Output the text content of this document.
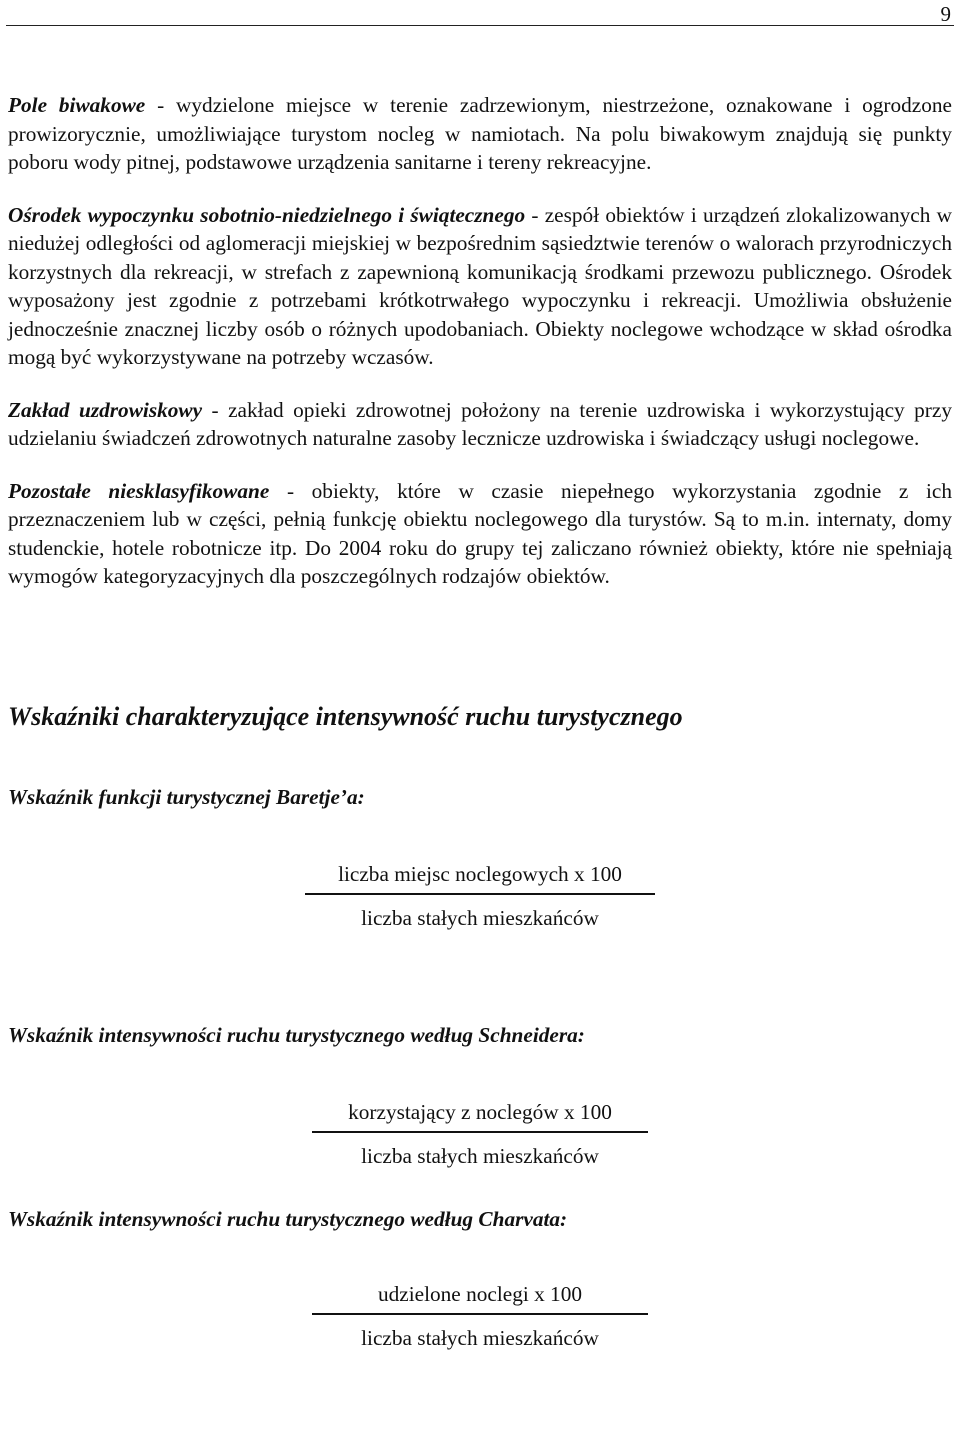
9

Pole biwakowe - wydzielone miejsce w terenie zadrzewionym, niestrzeżone, oznakowane i ogrodzone prowizorycznie, umożliwiające turystom nocleg w namiotach. Na polu biwakowym znajdują się punkty poboru wody pitnej, podstawowe urządzenia sanitarne i tereny rekreacyjne.

Ośrodek wypoczynku sobotnio-niedzielnego i świątecznego - zespół obiektów i urządzeń zlokalizowanych w niedużej odległości od aglomeracji miejskiej w bezpośrednim sąsiedztwie terenów o walorach przyrodniczych korzystnych dla rekreacji, w strefach z zapewnioną komunikacją środkami przewozu publicznego. Ośrodek wyposażony jest zgodnie z potrzebami krótkotrwałego wypoczynku i rekreacji. Umożliwia obsłużenie jednocześnie znacznej liczby osób o różnych upodobaniach. Obiekty noclegowe wchodzące w skład ośrodka mogą być wykorzystywane na potrzeby wczasów.

Zakład uzdrowiskowy - zakład opieki zdrowotnej położony na terenie uzdrowiska i wykorzystujący przy udzielaniu świadczeń zdrowotnych naturalne zasoby lecznicze uzdrowiska i świadczący usługi noclegowe.

Pozostałe niesklasyfikowane - obiekty, które w czasie niepełnego wykorzystania zgodnie z ich przeznaczeniem lub w części, pełnią funkcję obiektu noclegowego dla turystów. Są to m.in. internaty, domy studenckie, hotele robotnicze itp. Do 2004 roku do grupy tej zaliczano również obiekty, które nie spełniają wymogów kategoryzacyjnych dla poszczególnych rodzajów obiektów.

Wskaźniki charakteryzujące intensywność ruchu turystycznego
Wskaźnik funkcji turystycznej Baretje’a:
$\frac{\text{liczba miejsc noclegowych x 100}}{\text{liczba stałych mieszkańców}}$
Wskaźnik intensywności ruchu turystycznego według Schneidera:
$\frac{\text{korzystający z noclegów x 100}}{\text{liczba stałych mieszkańców}}$
Wskaźnik intensywności ruchu turystycznego według Charvata:
$\frac{\text{udzielone noclegi x 100}}{\text{liczba stałych mieszkańców}}$
